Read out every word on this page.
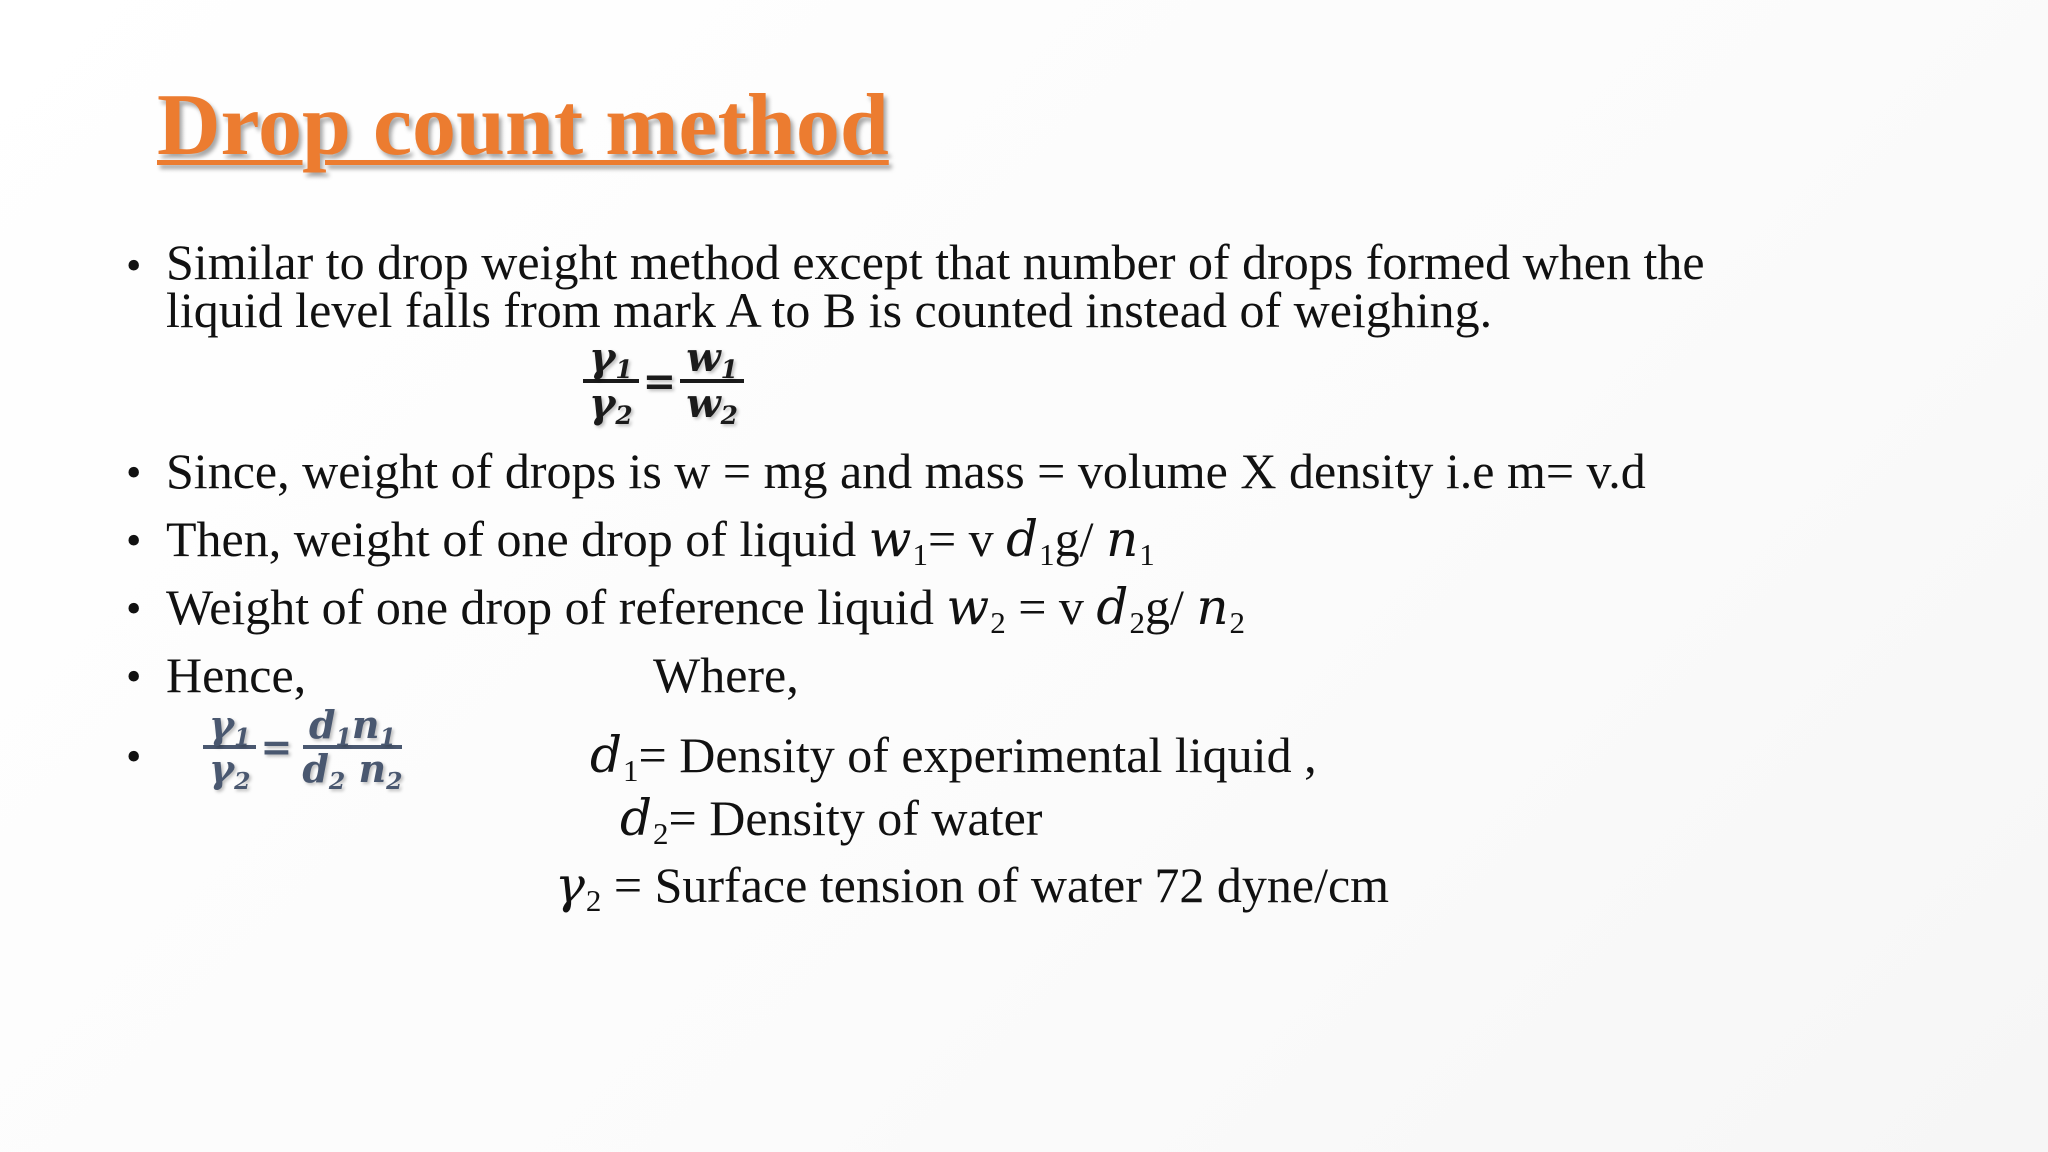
Drop count method
• Similar to drop weight method except that number of drops formed when the
liquid level falls from mark A to B is counted instead of weighing.
$\frac{\gamma 1}{\gamma 2} = \frac{w1}{w2}$
• Since, weight of drops is w = mg and mass = volume X density i.e m= v.d
• Then, weight of one drop of liquid w1= v d1g/ n1
• Weight of one drop of reference liquid w2 = v d2g/ n2
• Hence,	Where,
• $\frac{\gamma 1}{\gamma 2} = \frac{d1n1}{d2 n2}$	d1= Density of experimental liquid ,
d2= Density of water
γ2 = Surface tension of water 72 dyne/cm
